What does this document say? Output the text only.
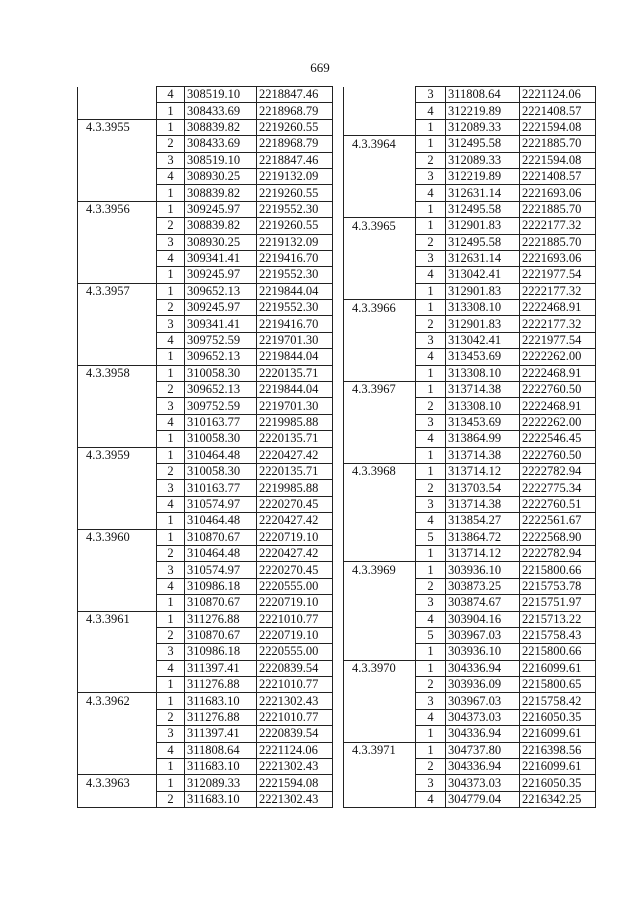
669
	4	308519.10	2218847.46
	1	308433.69	2218968.79
4.3.3955	1	308839.82	2219260.55
	2	308433.69	2218968.79
	3	308519.10	2218847.46
	4	308930.25	2219132.09
	1	308839.82	2219260.55
4.3.3956	1	309245.97	2219552.30
	2	308839.82	2219260.55
	3	308930.25	2219132.09
	4	309341.41	2219416.70
	1	309245.97	2219552.30
4.3.3957	1	309652.13	2219844.04
	2	309245.97	2219552.30
	3	309341.41	2219416.70
	4	309752.59	2219701.30
	1	309652.13	2219844.04
4.3.3958	1	310058.30	2220135.71
	2	309652.13	2219844.04
	3	309752.59	2219701.30
	4	310163.77	2219985.88
	1	310058.30	2220135.71
4.3.3959	1	310464.48	2220427.42
	2	310058.30	2220135.71
	3	310163.77	2219985.88
	4	310574.97	2220270.45
	1	310464.48	2220427.42
4.3.3960	1	310870.67	2220719.10
	2	310464.48	2220427.42
	3	310574.97	2220270.45
	4	310986.18	2220555.00
	1	310870.67	2220719.10
4.3.3961	1	311276.88	2221010.77
	2	310870.67	2220719.10
	3	310986.18	2220555.00
	4	311397.41	2220839.54
	1	311276.88	2221010.77
4.3.3962	1	311683.10	2221302.43
	2	311276.88	2221010.77
	3	311397.41	2220839.54
	4	311808.64	2221124.06
	1	311683.10	2221302.43
4.3.3963	1	312089.33	2221594.08
	2	311683.10	2221302.43
	3	311808.64	2221124.06
	4	312219.89	2221408.57
	1	312089.33	2221594.08
4.3.3964	1	312495.58	2221885.70
	2	312089.33	2221594.08
	3	312219.89	2221408.57
	4	312631.14	2221693.06
	1	312495.58	2221885.70
4.3.3965	1	312901.83	2222177.32
	2	312495.58	2221885.70
	3	312631.14	2221693.06
	4	313042.41	2221977.54
	1	312901.83	2222177.32
4.3.3966	1	313308.10	2222468.91
	2	312901.83	2222177.32
	3	313042.41	2221977.54
	4	313453.69	2222262.00
	1	313308.10	2222468.91
4.3.3967	1	313714.38	2222760.50
	2	313308.10	2222468.91
	3	313453.69	2222262.00
	4	313864.99	2222546.45
	1	313714.38	2222760.50
4.3.3968	1	313714.12	2222782.94
	2	313703.54	2222775.34
	3	313714.38	2222760.51
	4	313854.27	2222561.67
	5	313864.72	2222568.90
	1	313714.12	2222782.94
4.3.3969	1	303936.10	2215800.66
	2	303873.25	2215753.78
	3	303874.67	2215751.97
	4	303904.16	2215713.22
	5	303967.03	2215758.43
	1	303936.10	2215800.66
4.3.3970	1	304336.94	2216099.61
	2	303936.09	2215800.65
	3	303967.03	2215758.42
	4	304373.03	2216050.35
	1	304336.94	2216099.61
4.3.3971	1	304737.80	2216398.56
	2	304336.94	2216099.61
	3	304373.03	2216050.35
	4	304779.04	2216342.25
